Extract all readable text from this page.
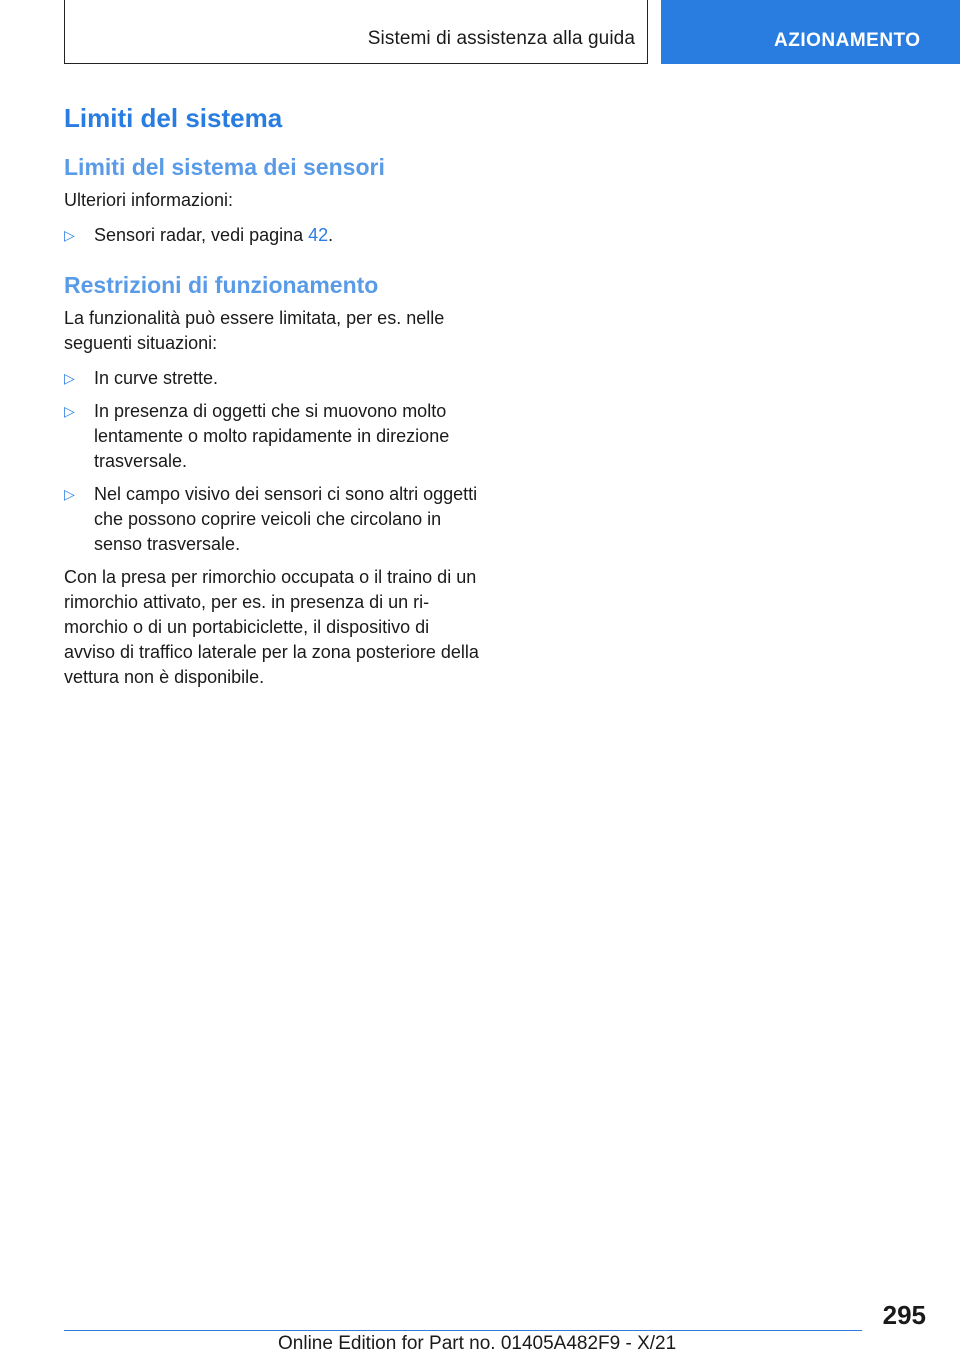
Sistemi di assistenza alla guida	AZIONAMENTO
Limiti del sistema
Limiti del sistema dei sensori

Ulteriori informazioni:

▷ Sensori radar, vedi pagina 42.
Restrizioni di funzionamento

La funzionalità può essere limitata, per es. nelle seguenti situazioni:

▷ In curve strette.
▷ In presenza di oggetti che si muovono molto lentamente o molto rapidamente in direzione trasversale.
▷ Nel campo visivo dei sensori ci sono altri oggetti che possono coprire veicoli che circolano in senso trasversale.

Con la presa per rimorchio occupata o il traino di un rimorchio attivato, per es. in presenza di un rimorchio o di un portabiciclette, il dispositivo di avviso di traffico laterale per la zona posteriore della vettura non è disponibile.

295
Online Edition for Part no. 01405A482F9 - X/21
